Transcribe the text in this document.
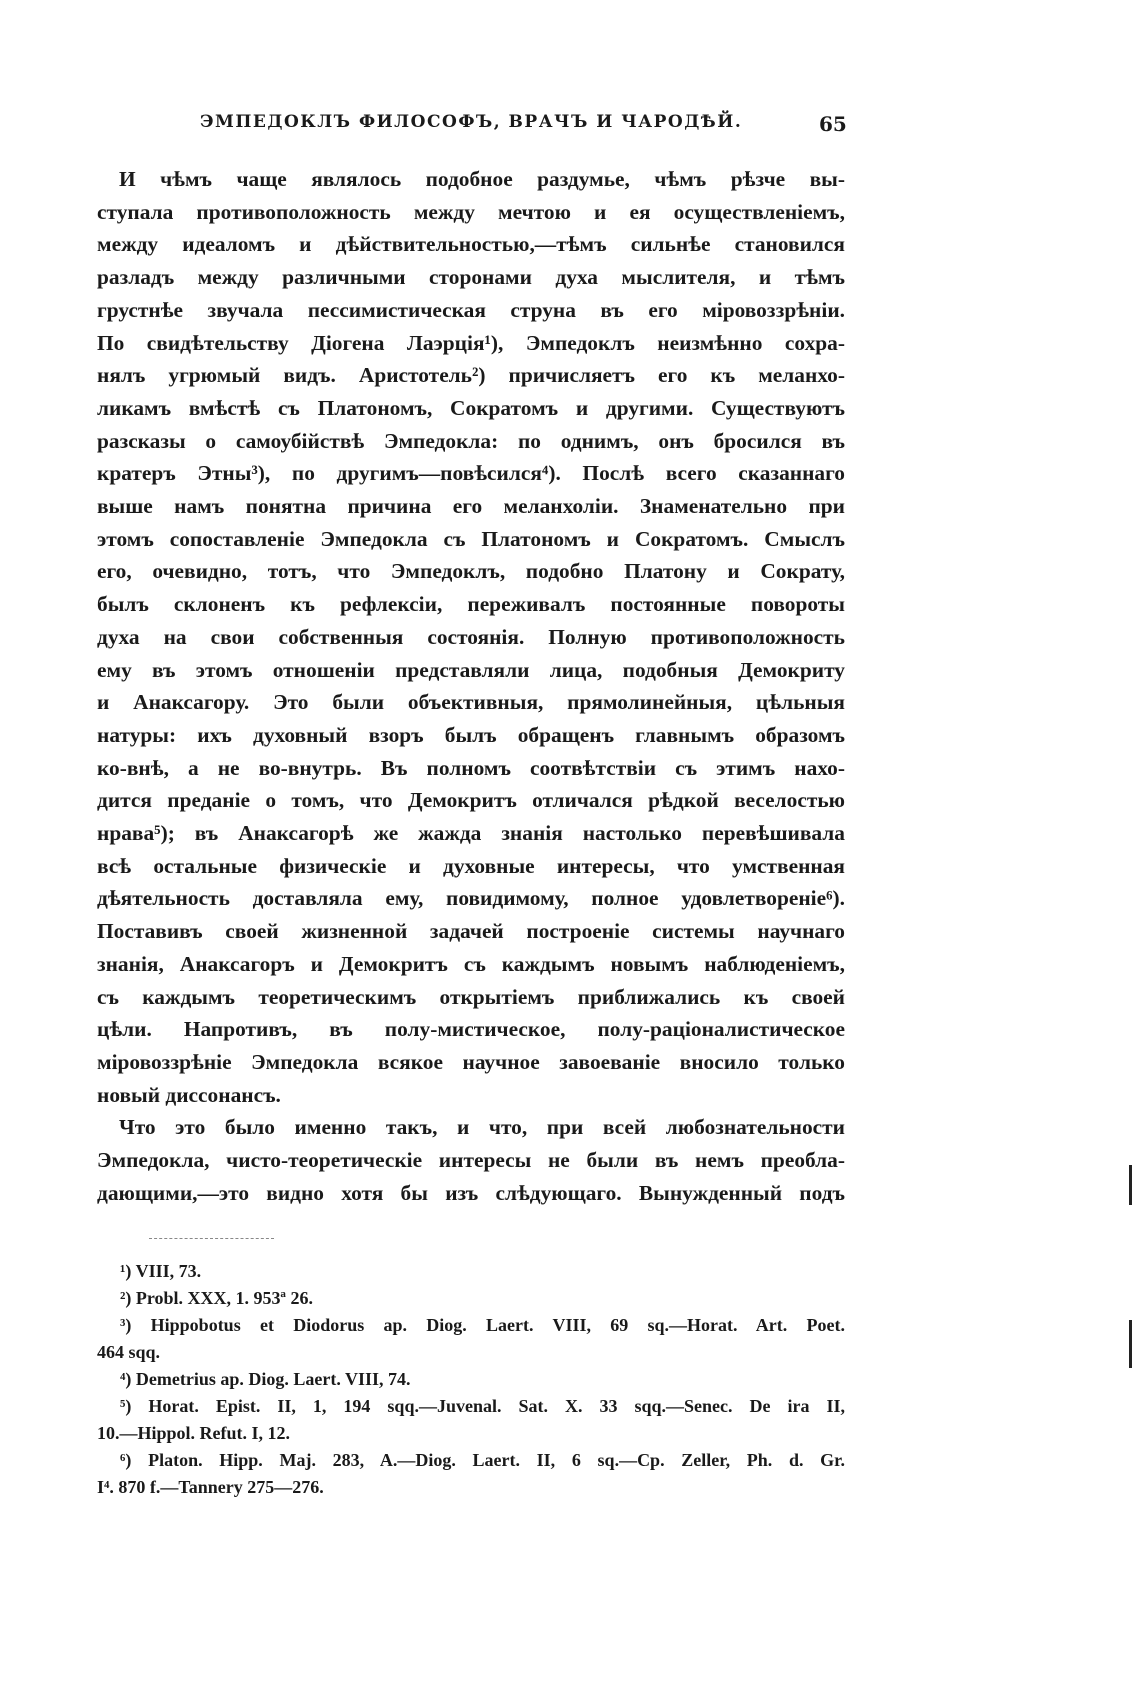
ЭМПЕДОКЛЪ ФИЛОСОФЪ, ВРАЧЪ И ЧАРОДѢЙ.	65
И чѣмъ чаще являлось подобное раздумье, чѣмъ рѣзче вы-
ступала противоположность между мечтою и ея осуществленіемъ,
между идеаломъ и дѣйствительностью,—тѣмъ сильнѣе становился
разладъ между различными сторонами духа мыслителя, и тѣмъ
грустнѣе звучала пессимистическая струна въ его міровоззрѣніи.
По свидѣтельству Діогена Лаэрція¹), Эмпедоклъ неизмѣнно сохра-
нялъ угрюмый видъ. Аристотель²) причисляетъ его къ меланхо-
ликамъ вмѣстѣ съ Платономъ, Сократомъ и другими. Существуютъ
разсказы о самоубійствѣ Эмпедокла: по однимъ, онъ бросился въ
кратеръ Этны³), по другимъ—повѣсился⁴). Послѣ всего сказаннаго
выше намъ понятна причина его меланхоліи. Знаменательно при
этомъ сопоставленіе Эмпедокла съ Платономъ и Сократомъ. Смыслъ
его, очевидно, тотъ, что Эмпедоклъ, подобно Платону и Сократу,
былъ склоненъ къ рефлексіи, переживалъ постоянные повороты
духа на свои собственныя состоянія. Полную противоположность
ему въ этомъ отношеніи представляли лица, подобныя Демокриту
и Анаксагору. Это были объективныя, прямолинейныя, цѣльныя
натуры: ихъ духовный взоръ былъ обращенъ главнымъ образомъ
ко-внѣ, а не во-внутрь. Въ полномъ соотвѣтствіи съ этимъ нахо-
дится преданіе о томъ, что Демокритъ отличался рѣдкой веселостью
нрава⁵); въ Анаксагорѣ же жажда знанія настолько перевѣшивала
всѣ остальные физическіе и духовные интересы, что умственная
дѣятельность доставляла ему, повидимому, полное удовлетвореніе⁶).
Поставивъ своей жизненной задачей построеніе системы научнаго
знанія, Анаксагоръ и Демокритъ съ каждымъ новымъ наблюденіемъ,
съ каждымъ теоретическимъ открытіемъ приближались къ своей
цѣли. Напротивъ, въ полу-мистическое, полу-раціоналистическое
міровоззрѣніе Эмпедокла всякое научное завоеваніе вносило только
новый диссонансъ.
Что это было именно такъ, и что, при всей любознательности
Эмпедокла, чисто-теоретическіе интересы не были въ немъ преобла-
дающими,—это видно хотя бы изъ слѣдующаго. Вынужденный подъ
¹) VIII, 73.
²) Probl. XXX, 1. 953ª 26.
³) Hippobotus et Diodorus ap. Diog. Laert. VIII, 69 sq.—Horat. Art. Poet.
464 sqq.
⁴) Demetrius ap. Diog. Laert. VIII, 74.
⁵) Horat. Epist. II, 1, 194 sqq.—Juvenal. Sat. X. 33 sqq.—Senec. De ira II,
10.—Hippol. Refut. I, 12.
⁶) Platon. Hipp. Maj. 283, A.—Diog. Laert. II, 6 sq.—Cp. Zeller, Ph. d. Gr.
I⁴. 870 f.—Tannery 275—276.
